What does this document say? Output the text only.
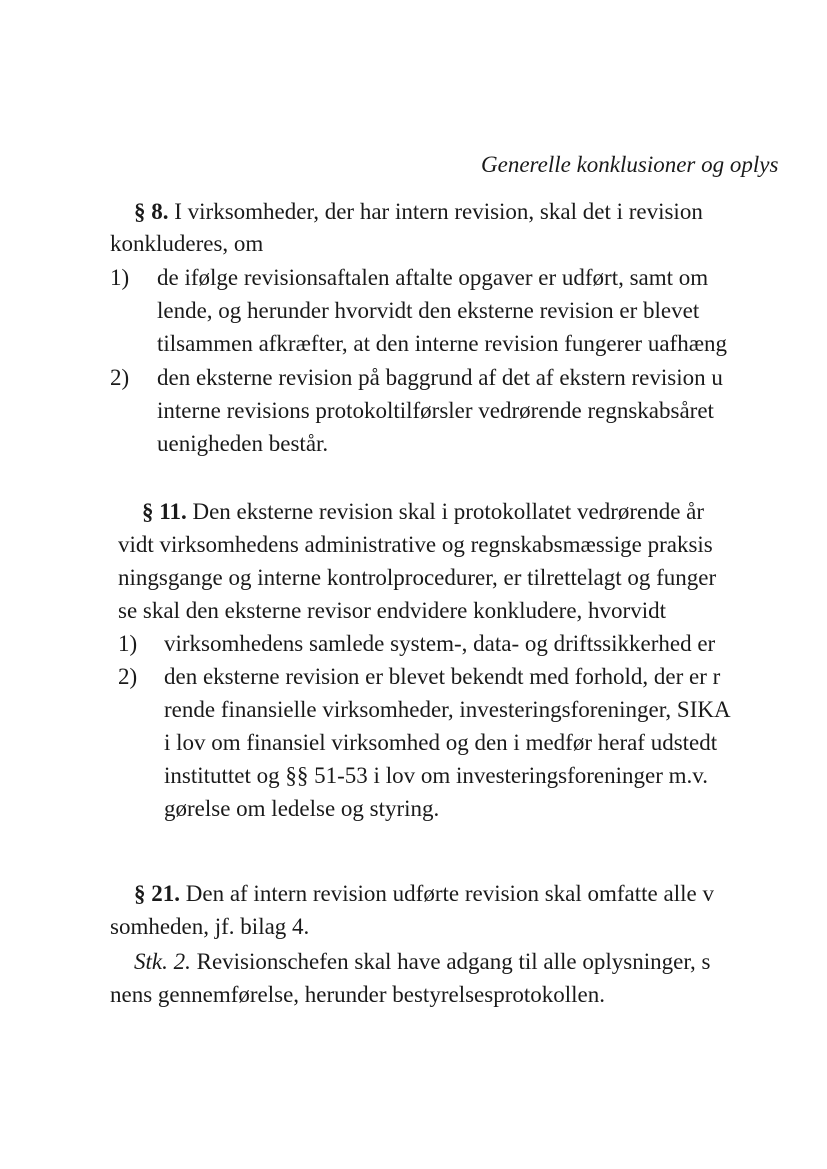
Generelle konklusioner og oplys
§ 8. I virksomheder, der har intern revision, skal det i revision
konkluderes, om
1) de ifølge revisionsaftalen aftalte opgaver er udført, samt om
lende, og herunder hvorvidt den eksterne revision er blevet
tilsammen afkræfter, at den interne revision fungerer uafhæng
2) den eksterne revision på baggrund af det af ekstern revision u
interne revisions protokoltilførsler vedrørende regnskabsåret
uenigheden består.
§ 11. Den eksterne revision skal i protokollatet vedrørende år
vidt virksomhedens administrative og regnskabsmæssige praksis
ningsgange og interne kontrolprocedurer, er tilrettelagt og funger
se skal den eksterne revisor endvidere konkludere, hvorvidt
1) virksomhedens samlede system-, data- og driftssikkerhed er
2) den eksterne revision er blevet bekendt med forhold, der er r
rende finansielle virksomheder, investeringsforeninger, SIKA
i lov om finansiel virksomhed og den i medfør heraf udstedt
instituttet og §§ 51-53 i lov om investeringsforeninger m.v.
gørelse om ledelse og styring.
§ 21. Den af intern revision udførte revision skal omfatte alle v
somheden, jf. bilag 4.
Stk. 2. Revisionschefen skal have adgang til alle oplysninger, s
nens gennemførelse, herunder bestyrelsesprotokollen.
